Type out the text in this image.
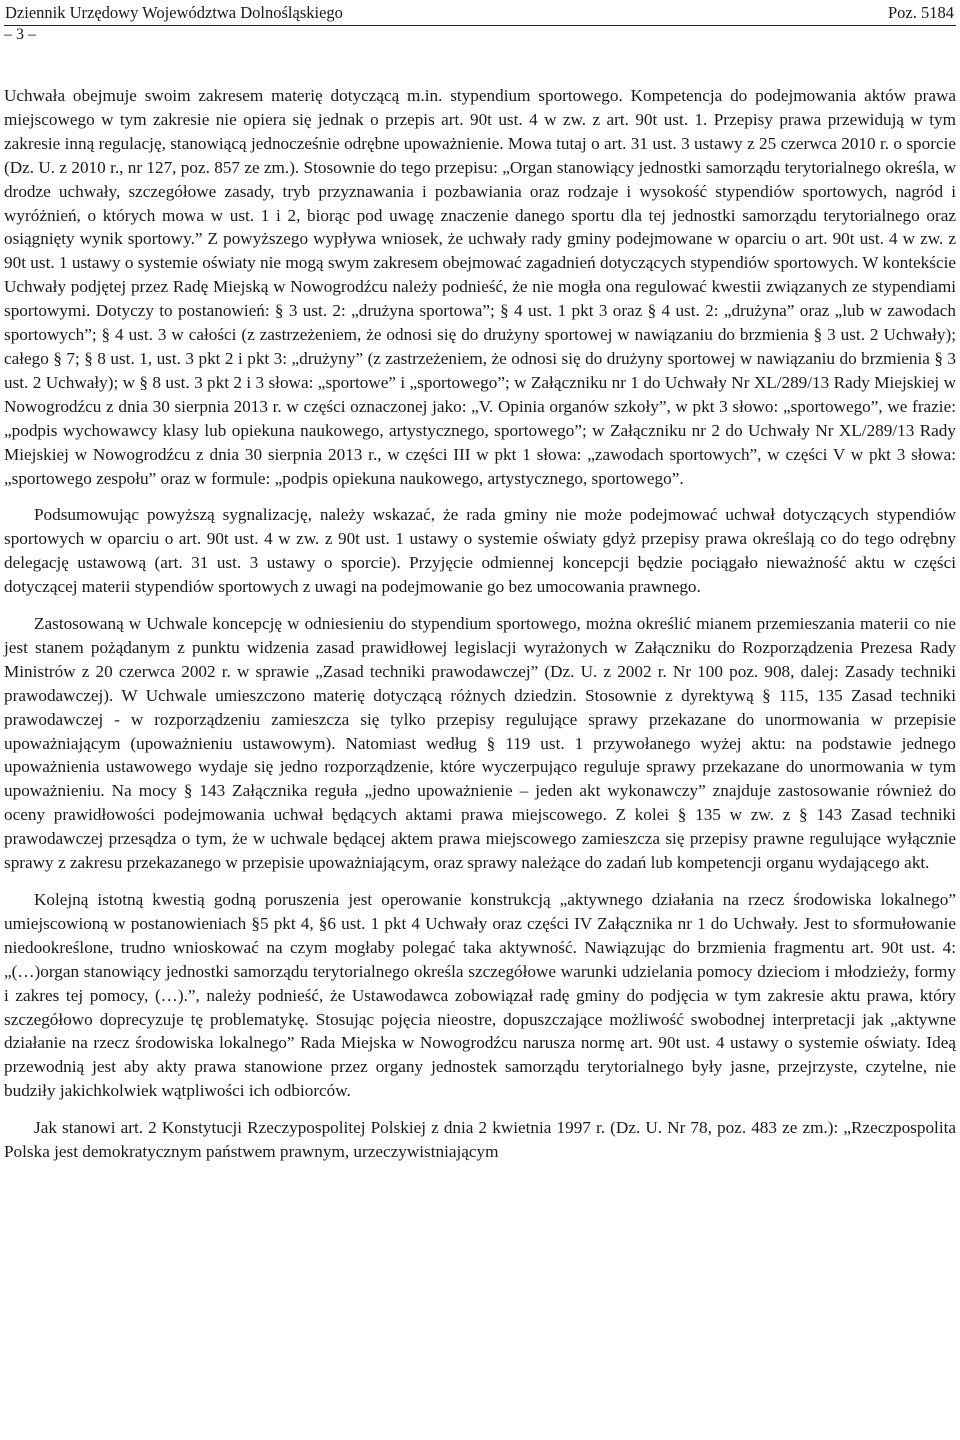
Dziennik Urzędowy Województwa Dolnośląskiego	Poz. 5184
– 3 –

Uchwała obejmuje swoim zakresem materię dotyczącą m.in. stypendium sportowego. Kompetencja do podejmowania aktów prawa miejscowego w tym zakresie nie opiera się jednak o przepis art. 90t ust. 4 w zw. z art. 90t ust. 1. Przepisy prawa przewidują w tym zakresie inną regulację, stanowiącą jednocześnie odrębne upoważnienie. Mowa tutaj o art. 31 ust. 3 ustawy z 25 czerwca 2010 r. o sporcie (Dz. U. z 2010 r., nr 127, poz. 857 ze zm.). Stosownie do tego przepisu: „Organ stanowiący jednostki samorządu terytorialnego określa, w drodze uchwały, szczegółowe zasady, tryb przyznawania i pozbawiania oraz rodzaje i wysokość stypendiów sportowych, nagród i wyróżnień, o których mowa w ust. 1 i 2, biorąc pod uwagę znaczenie danego sportu dla tej jednostki samorządu terytorialnego oraz osiągnięty wynik sportowy.” Z powyższego wypływa wniosek, że uchwały rady gminy podejmowane w oparciu o art. 90t ust. 4 w zw. z 90t ust. 1 ustawy o systemie oświaty nie mogą swym zakresem obejmować zagadnień dotyczących stypendiów sportowych. W kontekście Uchwały podjętej przez Radę Miejską w Nowogrodźcu należy podnieść, że nie mogła ona regulować kwestii związanych ze stypendiami sportowymi. Dotyczy to postanowień: § 3 ust. 2: „drużyna sportowa”; § 4 ust. 1 pkt 3 oraz § 4 ust. 2: „drużyna” oraz „lub w zawodach sportowych”; § 4 ust. 3 w całości (z zastrzeżeniem, że odnosi się do drużyny sportowej w nawiązaniu do brzmienia § 3 ust. 2 Uchwały); całego § 7; § 8 ust. 1, ust. 3 pkt 2 i pkt 3: „drużyny” (z zastrzeżeniem, że odnosi się do drużyny sportowej w nawiązaniu do brzmienia § 3 ust. 2 Uchwały); w § 8 ust. 3 pkt 2 i 3 słowa: „sportowe” i „sportowego”; w Załączniku nr 1 do Uchwały Nr XL/289/13 Rady Miejskiej w Nowogrodźcu z dnia 30 sierpnia 2013 r. w części oznaczonej jako: „V. Opinia organów szkoły”, w pkt 3 słowo: „sportowego”, we frazie: „podpis wychowawcy klasy lub opiekuna naukowego, artystycznego, sportowego”; w Załączniku nr 2 do Uchwały Nr XL/289/13 Rady Miejskiej w Nowogrodźcu z dnia 30 sierpnia 2013 r., w części III w pkt 1 słowa: „zawodach sportowych”, w części V w pkt 3 słowa: „sportowego zespołu” oraz w formule: „podpis opiekuna naukowego, artystycznego, sportowego”.

Podsumowując powyższą sygnalizację, należy wskazać, że rada gminy nie może podejmować uchwał dotyczących stypendiów sportowych w oparciu o art. 90t ust. 4 w zw. z 90t ust. 1 ustawy o systemie oświaty gdyż przepisy prawa określają co do tego odrębny delegację ustawową (art. 31 ust. 3 ustawy o sporcie). Przyjęcie odmiennej koncepcji będzie pociągało nieważność aktu w części dotyczącej materii stypendiów sportowych z uwagi na podejmowanie go bez umocowania prawnego.

Zastosowaną w Uchwale koncepcję w odniesieniu do stypendium sportowego, można określić mianem przemieszania materii co nie jest stanem pożądanym z punktu widzenia zasad prawidłowej legislacji wyrażonych w Załączniku do Rozporządzenia Prezesa Rady Ministrów z 20 czerwca 2002 r. w sprawie „Zasad techniki prawodawczej” (Dz. U. z 2002 r. Nr 100 poz. 908, dalej: Zasady techniki prawodawczej). W Uchwale umieszczono materię dotyczącą różnych dziedzin. Stosownie z dyrektywą § 115, 135 Zasad techniki prawodawczej - w rozporządzeniu zamieszcza się tylko przepisy regulujące sprawy przekazane do unormowania w przepisie upoważniającym (upoważnieniu ustawowym). Natomiast według § 119 ust. 1 przywołanego wyżej aktu: na podstawie jednego upoważnienia ustawowego wydaje się jedno rozporządzenie, które wyczerpująco reguluje sprawy przekazane do unormowania w tym upoważnieniu. Na mocy § 143 Załącznika reguła „jedno upoważnienie – jeden akt wykonawczy” znajduje zastosowanie również do oceny prawidłowości podejmowania uchwał będących aktami prawa miejscowego. Z kolei § 135 w zw. z § 143 Zasad techniki prawodawczej przesądza o tym, że w uchwale będącej aktem prawa miejscowego zamieszcza się przepisy prawne regulujące wyłącznie sprawy z zakresu przekazanego w przepisie upoważniającym, oraz sprawy należące do zadań lub kompetencji organu wydającego akt.

Kolejną istotną kwestią godną poruszenia jest operowanie konstrukcją „aktywnego działania na rzecz środowiska lokalnego” umiejscowioną w postanowieniach §5 pkt 4, §6 ust. 1 pkt 4 Uchwały oraz części IV Załącznika nr 1 do Uchwały. Jest to sformułowanie niedookreślone, trudno wnioskować na czym mogłaby polegać taka aktywność. Nawiązując do brzmienia fragmentu art. 90t ust. 4: „(…)organ stanowiący jednostki samorządu terytorialnego określa szczegółowe warunki udzielania pomocy dzieciom i młodzieży, formy i zakres tej pomocy, (…).”, należy podnieść, że Ustawodawca zobowiązał radę gminy do podjęcia w tym zakresie aktu prawa, który szczegółowo doprecyzuje tę problematykę. Stosując pojęcia nieostre, dopuszczające możliwość swobodnej interpretacji jak „aktywne działanie na rzecz środowiska lokalnego” Rada Miejska w Nowogrodźcu narusza normę art. 90t ust. 4 ustawy o systemie oświaty. Ideą przewodnią jest aby akty prawa stanowione przez organy jednostek samorządu terytorialnego były jasne, przejrzyste, czytelne, nie budziły jakichkolwiek wątpliwości ich odbiorców.

Jak stanowi art. 2 Konstytucji Rzeczypospolitej Polskiej z dnia 2 kwietnia 1997 r. (Dz. U. Nr 78, poz. 483 ze zm.): „Rzeczpospolita Polska jest demokratycznym państwem prawnym, urzeczywistniającym
